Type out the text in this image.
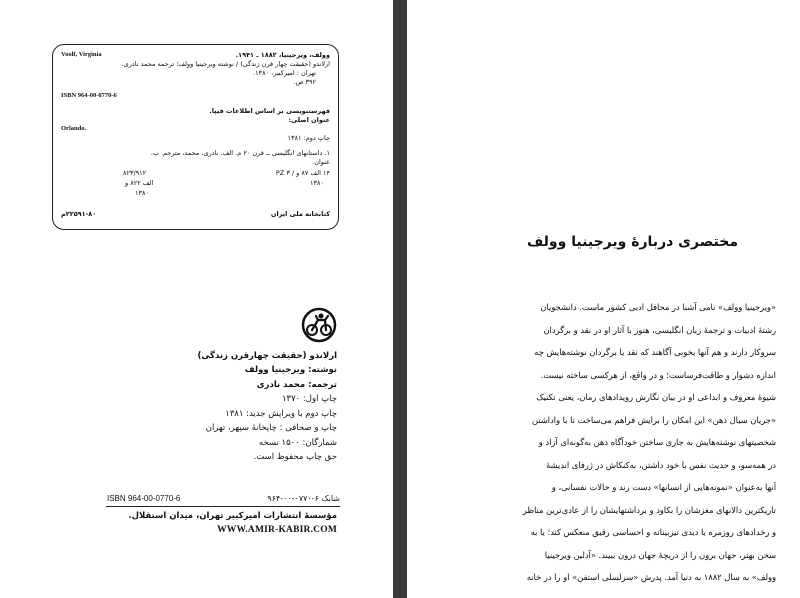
Voolf, Virginia	وولف، ویرجینیا، ۱۸۸۲ ـ ۱۹۴۱.
ارلاندو (حقیقت چهار قرن زندگی) / نوشته ویرجینیا وولف؛ ترجمه محمد نادری.
تهران : امیرکبیر، ۱۳۸۰.
۳۹۲ ص.
ISBN 964-00-0770-6
فهرستنویسی بر اساس اطلاعات فیپا.
عنوان اصلی:
Orlando.
چاپ دوم: ۱۳۸۱
۱. داستانهای انگلیسی ــ قرن ۲۰ م. الف. نادری، محمد، مترجم. ب.
عنوان.
۱۴ الف ۸۷ و / ۳ PZ
۱۳۸۰
۸۲۳/۹۱۲
الف ۸۲۲ و
۱۳۸۰
کتابخانه ملی ایران
۲۲۵۹۱-۸۰م
ارلاندو (حقیقت چهارقرن زندگی)
نوشته: ویرجینیا وولف
ترجمه: محمد نادری
چاپ اول: ۱۳۷۰
چاپ دوم با ویرایش جدید: ۱۳۸۱
چاپ و صحافی : چاپخانهٔ سپهر، تهران
شمارگان: ۱۵۰۰ نسخه
حق چاپ محفوظ است.
ISBN 964-00-0770-6	شابک ۶-۰۷۷۰-۰۰-۹۶۴
مؤسسهٔ انتشارات امیرکبیر تهران، میدان استقلال.
WWW.AMIR-KABIR.COM
مختصری دربارهٔ ویرجینیا وولف
«ویرجینیا وولف» نامی آشنا در محافل ادبی کشور ماست. دانشجویان
رشتهٔ ادبیات و ترجمهٔ زبان انگلیسی، هنوز با آثار او در نقد و برگردان
سروکار دارند و هم آنها بخوبی آگاهند که نقد یا برگردان نوشته‌هایش چه
اندازه دشوار و طاقت‌فرساست؛ و در واقع، از هرکسی ساخته نیست.
شیوهٔ معروف و ابداعی او در بیان نگارش رویدادهای رمان، یعنی تکنیک
«جریان سیال ذهن» این امکان را برایش فراهم می‌ساخت تا با واداشتن
شخصیتهای نوشته‌هایش به جاری ساختن خودآگاه ذهن به‌گونه‌ای آزاد و
در همه‌سو، و حدیث نفس با خود داشتن، به‌کنکاش در ژرفای اندیشهٔ
آنها به‌عنوان «نمونه‌هایی از انسانها» دست زند و حالات نفسانی، و
تاریکترین دالانهای مغزشان را بکاود و برداشتهایشان را از عادی‌ترین مناظر
و رخدادهای روزمره با دیدی تیزبینانه و احساسی رقیق منعکس کند؛ یا به
سخن بهتر، جهان برون را از دریچهٔ جهان درون ببیند. «آدلین ویرجینیا
وولف» به سال ۱۸۸۲ به دنیا آمد. پدرش «سرلسلی استفن» او را در خانه
